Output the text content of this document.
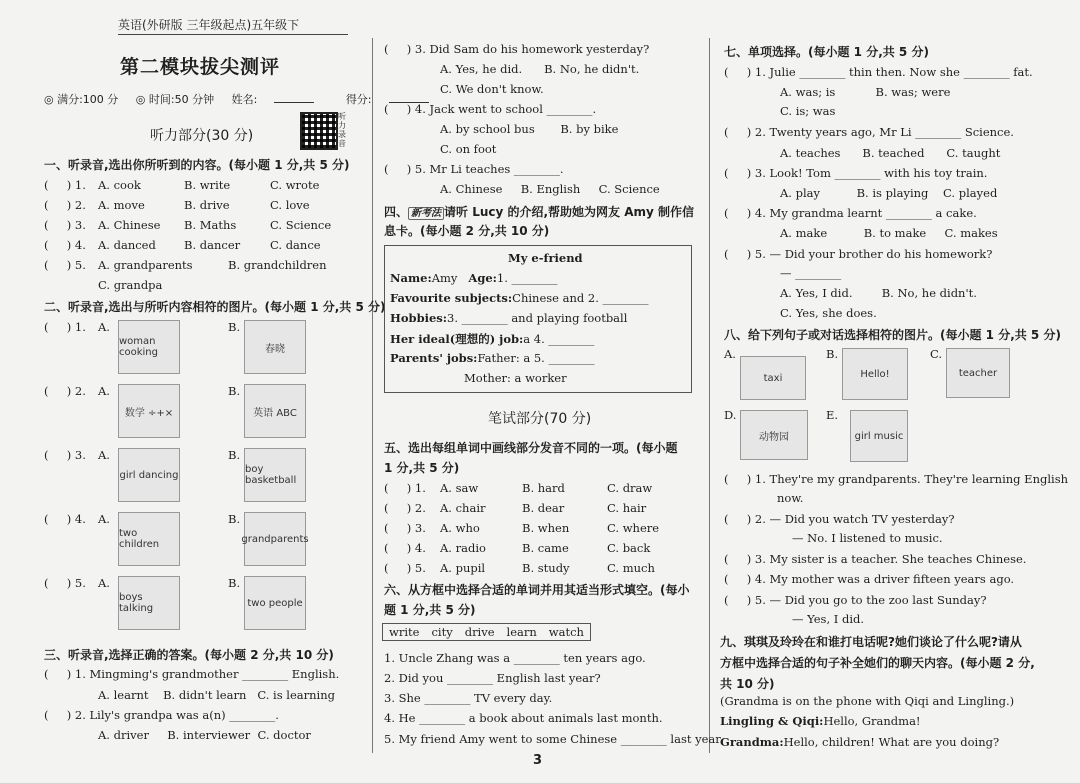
英语(外研版 三年级起点)五年级下
第二模块拔尖测评
◎ 满分:100 分 ◎ 时间:50 分钟 姓名:	得分:
听力部分(30 分)
听力录音
一、听录音,选出你所听到的内容。(每小题 1 分,共 5 分)
(     ) 1. A. cook	B. write	C. wrote
(     ) 2. A. move	B. drive	C. love
(     ) 3. A. Chinese B. Maths	C. Science
(     ) 4. A. danced B. dancer	C. dance
(     ) 5. A. grandparents	B. grandchildren
C. grandpa
二、听录音,选出与所听内容相符的图片。(每小题 1 分,共 5 分)
(     ) 1. A.
woman cooking
B.
春晓
(     ) 2. A.
数学 ÷+×
B.
英语 ABC
(     ) 3. A.
girl dancing
B.
boy basketball
(     ) 4. A.
two children
B.
grandparents
(     ) 5. A.
boys talking
B.
two people
三、听录音,选择正确的答案。(每小题 2 分,共 10 分)
(     ) 1. Mingming's grandmother ________ English.
A. learnt B. didn't learn C. is learning
(     ) 2. Lily's grandpa was a(n) ________.
A. driver B. interviewer C. doctor
(     ) 3. Did Sam do his homework yesterday?
A. Yes, he did. B. No, he didn't.
C. We don't know.
(     ) 4. Jack went to school ________.
A. by school bus B. by bike
C. on foot
(     ) 5. Mr Li teaches ________.
A. Chinese B. English C. Science
四、 新考法 请听 Lucy 的介绍,帮助她为网友 Amy 制作信
息卡。(每小题 2 分,共 10 分)
My e-friend
Name:Amy Age:1. ________
Favourite subjects:Chinese and 2. ________
Hobbies:3. ________ and playing football
Her ideal(理想的) job:a 4. ________
Parents' jobs:Father: a 5. ________
Mother: a worker
笔试部分(70 分)
五、选出每组单词中画线部分发音不同的一项。(每小题
1 分,共 5 分)
(     ) 1. A. saw	B. hard	C. draw
(     ) 2. A. chair	B. dear	C. hair
(     ) 3. A. who	B. when	C. where
(     ) 4. A. radio	B. came	C. back
(     ) 5. A. pupil	B. study	C. much
六、从方框中选择合适的单词并用其适当形式填空。(每小
题 1 分,共 5 分)
write city drive learn watch
1. Uncle Zhang was a ________ ten years ago.
2. Did you ________ English last year?
3. She ________ TV every day.
4. He ________ a book about animals last month.
5. My friend Amy went to some Chinese ________ last year.
七、单项选择。(每小题 1 分,共 5 分)
(     ) 1. Julie ________ thin then. Now she ________ fat.
A. was; is	B. was; were
C. is; was
(     ) 2. Twenty years ago, Mr Li ________ Science.
A. teaches B. teached C. taught
(     ) 3. Look! Tom ________ with his toy train.
A. play	B. is playing C. played
(     ) 4. My grandma learnt ________ a cake.
A. make	B. to make C. makes
(     ) 5. — Did your brother do his homework?
— ________
A. Yes, I did.	B. No, he didn't.
C. Yes, she does.
八、给下列句子或对话选择相符的图片。(每小题 1 分,共 5 分)
A.
taxi
B.
Hello!
C.
teacher
D.
动物园
E.
girl music
(     ) 1. They're my grandparents. They're learning English
now.
(     ) 2. — Did you watch TV yesterday?
— No. I listened to music.
(     ) 3. My sister is a teacher. She teaches Chinese.
(     ) 4. My mother was a driver fifteen years ago.
(     ) 5. — Did you go to the zoo last Sunday?
— Yes, I did.
九、琪琪及玲玲在和谁打电话呢?她们谈论了什么呢?请从
方框中选择合适的句子补全她们的聊天内容。(每小题 2 分,
共 10 分)
(Grandma is on the phone with Qiqi and Lingling.)
Lingling & Qiqi:Hello, Grandma!
Grandma:Hello, children! What are you doing?
3
